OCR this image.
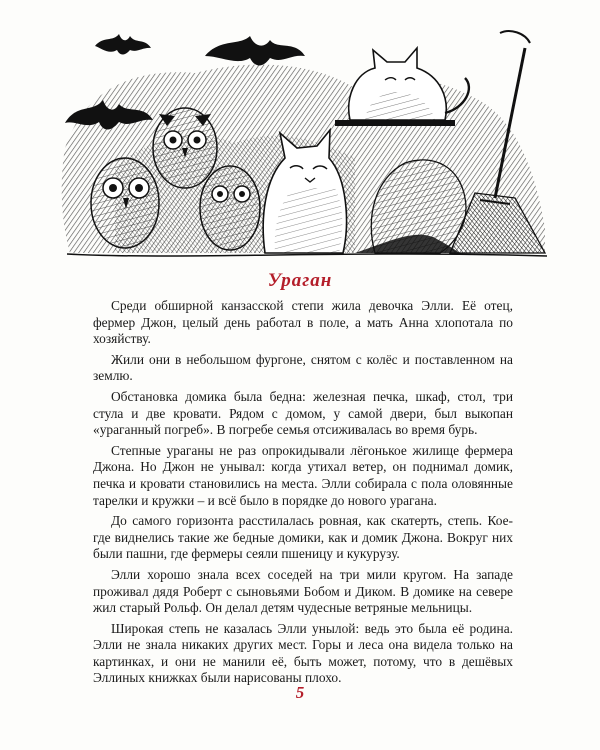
Ураган

Среди обширной канзасской степи жила девочка Элли. Её отец, фермер Джон, целый день работал в поле, а мать Анна хлопотала по хозяйству.

Жили они в небольшом фургоне, снятом с колёс и поставленном на землю.

Обстановка домика была бедна: железная печка, шкаф, стол, три стула и две кровати. Рядом с домом, у самой двери, был выкопан «ураганный погреб». В погребе семья отсиживалась во время бурь.

Степные ураганы не раз опрокидывали лёгонькое жилище фермера Джона. Но Джон не унывал: когда утихал ветер, он поднимал домик, печка и кровати становились на места. Элли собирала с пола оловянные тарелки и кружки – и всё было в порядке до нового урагана.

До самого горизонта расстилалась ровная, как скатерть, степь. Кое-где виднелись такие же бедные домики, как и домик Джона. Вокруг них были пашни, где фермеры сеяли пшеницу и кукурузу.

Элли хорошо знала всех соседей на три мили кругом. На западе проживал дядя Роберт с сыновьями Бобом и Диком. В домике на севере жил старый Рольф. Он делал детям чудесные ветряные мельницы.

Широкая степь не казалась Элли унылой: ведь это была её родина. Элли не знала никаких других мест. Горы и леса она видела только на картинках, и они не манили её, быть может, потому, что в дешёвых Эллиных книжках были нарисованы плохо.

5
